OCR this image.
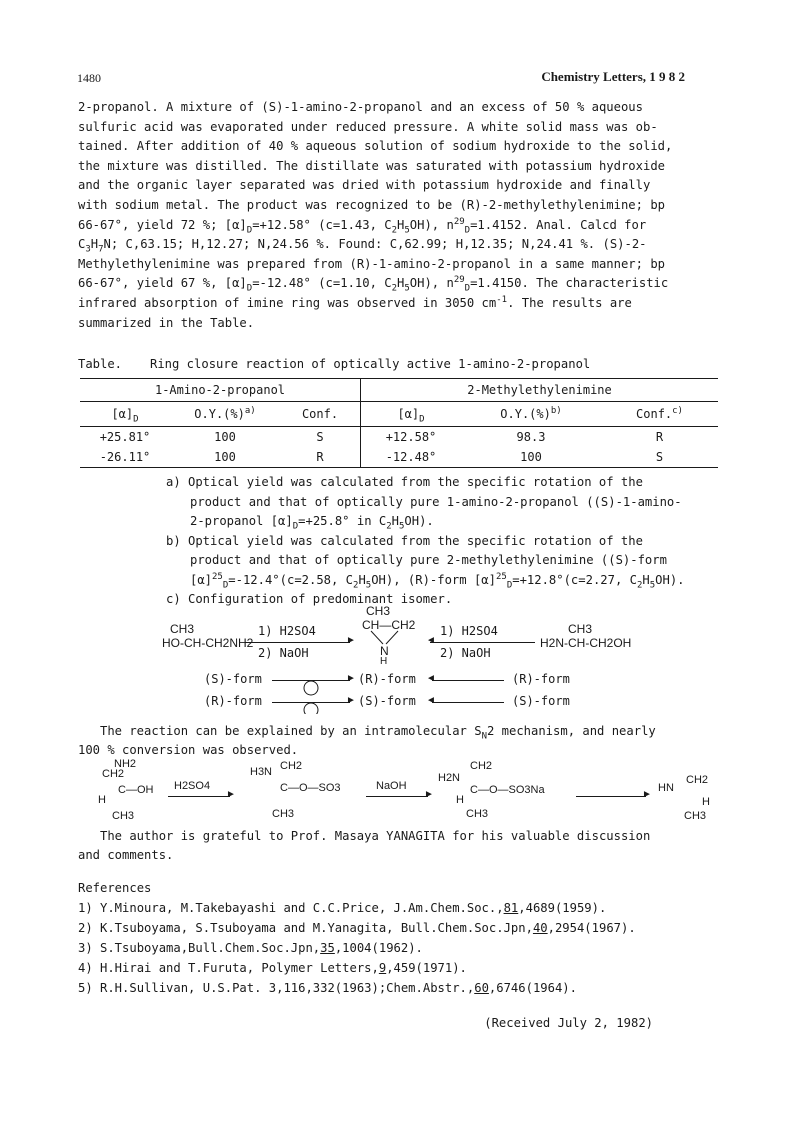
1480	Chemistry Letters, 1 9 8 2

2-propanol. A mixture of (S)-1-amino-2-propanol and an excess of 50 % aqueous

sulfuric acid was evaporated under reduced pressure. A white solid mass was ob-

tained. After addition of 40 % aqueous solution of sodium hydroxide to the solid,

the mixture was distilled. The distillate was saturated with potassium hydroxide

and the organic layer separated was dried with potassium hydroxide and finally

with sodium metal. The product was recognized to be (R)-2-methylethylenimine; bp

66-67°, yield 72 %; $[\alpha]_D=+12.58^\circ$ (c=1.43, $C_2H_5OH$), $n^{29}_D=1.4152$. Anal. Calcd for

$C_3H_7N$; C,63.15; H,12.27; N,24.56 %. Found: C,62.99; H,12.35; N,24.41 %. (S)-2-

Methylethylenimine was prepared from (R)-1-amino-2-propanol in a same manner; bp

66-67°, yield 67 %, $[\alpha]_D=-12.48^\circ$ (c=1.10, $C_2H_5OH$), $n^{29}_D=1.4150$. The characteristic

infrared absorption of imine ring was observed in 3050 $cm^{-1}$. The results are

summarized in the Table.

Table. Ring closure reaction of optically active 1-amino-2-propanol
1-Amino-2-propanol			2-Methylethylenimine		
$[\alpha]_D$	O.Y.(%)$^{a)}$	Conf.	$[\alpha]_D$	O.Y.(%)$^{b)}$	Conf.$^{c)}$
+25.81°	100	S	+12.58°	98.3	R
-26.11°	100	R	-12.48°	100	S
a) Optical yield was calculated from the specific rotation of the
product and that of optically pure 1-amino-2-propanol ((S)-1-amino-
2-propanol $[\alpha]_D=+25.8^\circ$ in $C_2H_5OH$).
b) Optical yield was calculated from the specific rotation of the
product and that of optically pure 2-methylethylenimine ((S)-form
$[\alpha]^{25}_D=-12.4^\circ(c=2.58$, $C_2H_5OH$), (R)-form $[\alpha]^{25}_D=+12.8^\circ(c=2.27$, $C_2H_5OH$).
c) Configuration of predominant isomer.
CH3
HO-CH-CH2NH2
1) H2SO4
►
2) NaOH
CH3
CH—CH2
N
H
1) H2SO4
◄
2) NaOH
CH3
H2N-CH-CH2OH
(S)-form	► (R)-form ◄	(R)-form
(R)-form	► (S)-form ◄	(S)-form
The reaction can be explained by an intramolecular $S_N2$ mechanism, and nearly
100 % conversion was observed.
NH2
CH2
C—OH
H
CH3
H2SO4
►
H3N CH2
C—O—SO3
CH3
NaOH
►
H2N
CH2
C—O—SO3Na
H
CH3
►
HN
CH2
H
CH3
The author is grateful to Prof. Masaya YANAGITA for his valuable discussion
and comments.
References
1) Y.Minoura, M.Takebayashi and C.C.Price, J.Am.Chem.Soc.,81,4689(1959).
2) K.Tsuboyama, S.Tsuboyama and M.Yanagita, Bull.Chem.Soc.Jpn,40,2954(1967).
3) S.Tsuboyama,Bull.Chem.Soc.Jpn,35,1004(1962).
4) H.Hirai and T.Furuta, Polymer Letters,9,459(1971).
5) R.H.Sullivan, U.S.Pat. 3,116,332(1963);Chem.Abstr.,60,6746(1964).
(Received July 2, 1982)
